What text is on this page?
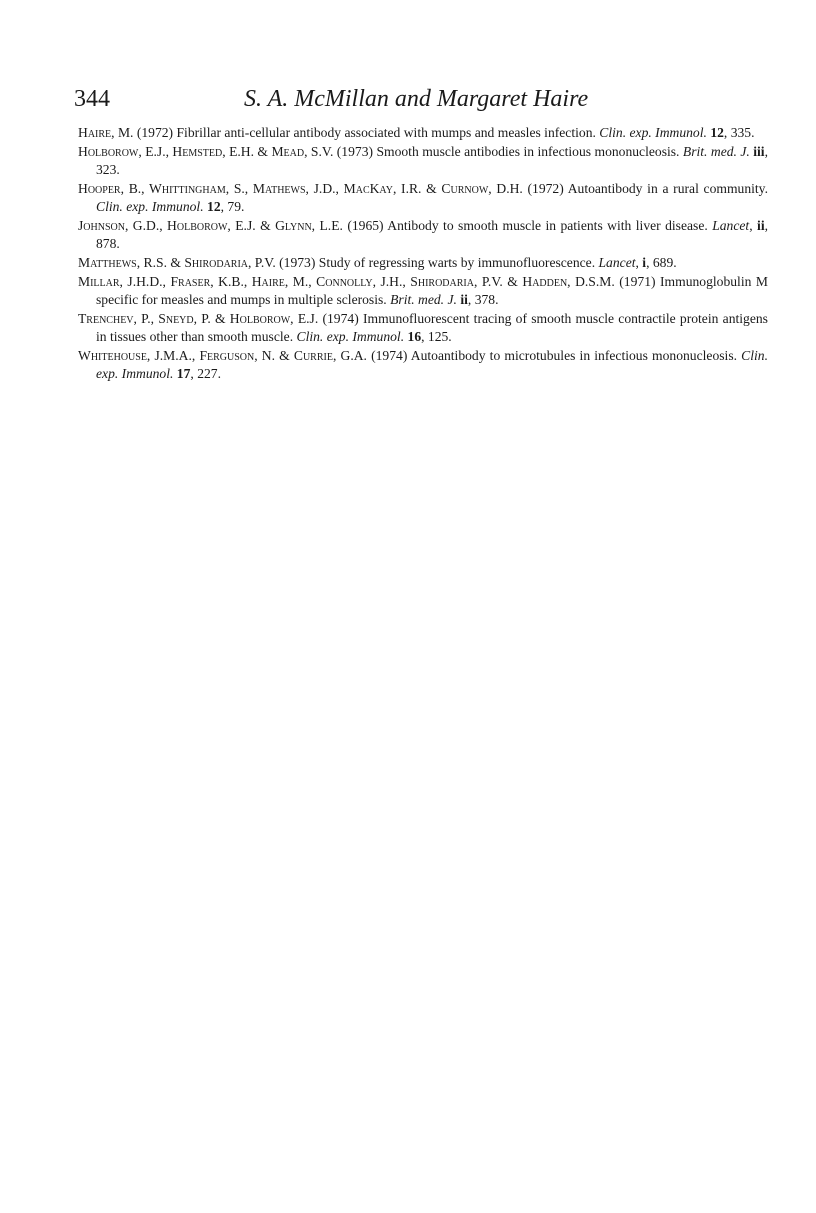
344	S. A. McMillan and Margaret Haire

Haire, M. (1972) Fibrillar anti-cellular antibody associated with mumps and measles infection. Clin. exp. Immunol. 12, 335.

Holborow, E.J., Hemsted, E.H. & Mead, S.V. (1973) Smooth muscle antibodies in infectious mononucleosis. Brit. med. J. iii, 323.

Hooper, B., Whittingham, S., Mathews, J.D., MacKay, I.R. & Curnow, D.H. (1972) Autoantibody in a rural community. Clin. exp. Immunol. 12, 79.

Johnson, G.D., Holborow, E.J. & Glynn, L.E. (1965) Antibody to smooth muscle in patients with liver disease. Lancet, ii, 878.

Matthews, R.S. & Shirodaria, P.V. (1973) Study of regressing warts by immunofluorescence. Lancet, i, 689.

Millar, J.H.D., Fraser, K.B., Haire, M., Connolly, J.H., Shirodaria, P.V. & Hadden, D.S.M. (1971) Immunoglobulin M specific for measles and mumps in multiple sclerosis. Brit. med. J. ii, 378.

Trenchev, P., Sneyd, P. & Holborow, E.J. (1974) Immunofluorescent tracing of smooth muscle contractile protein antigens in tissues other than smooth muscle. Clin. exp. Immunol. 16, 125.

Whitehouse, J.M.A., Ferguson, N. & Currie, G.A. (1974) Autoantibody to microtubules in infectious mononucleosis. Clin. exp. Immunol. 17, 227.
